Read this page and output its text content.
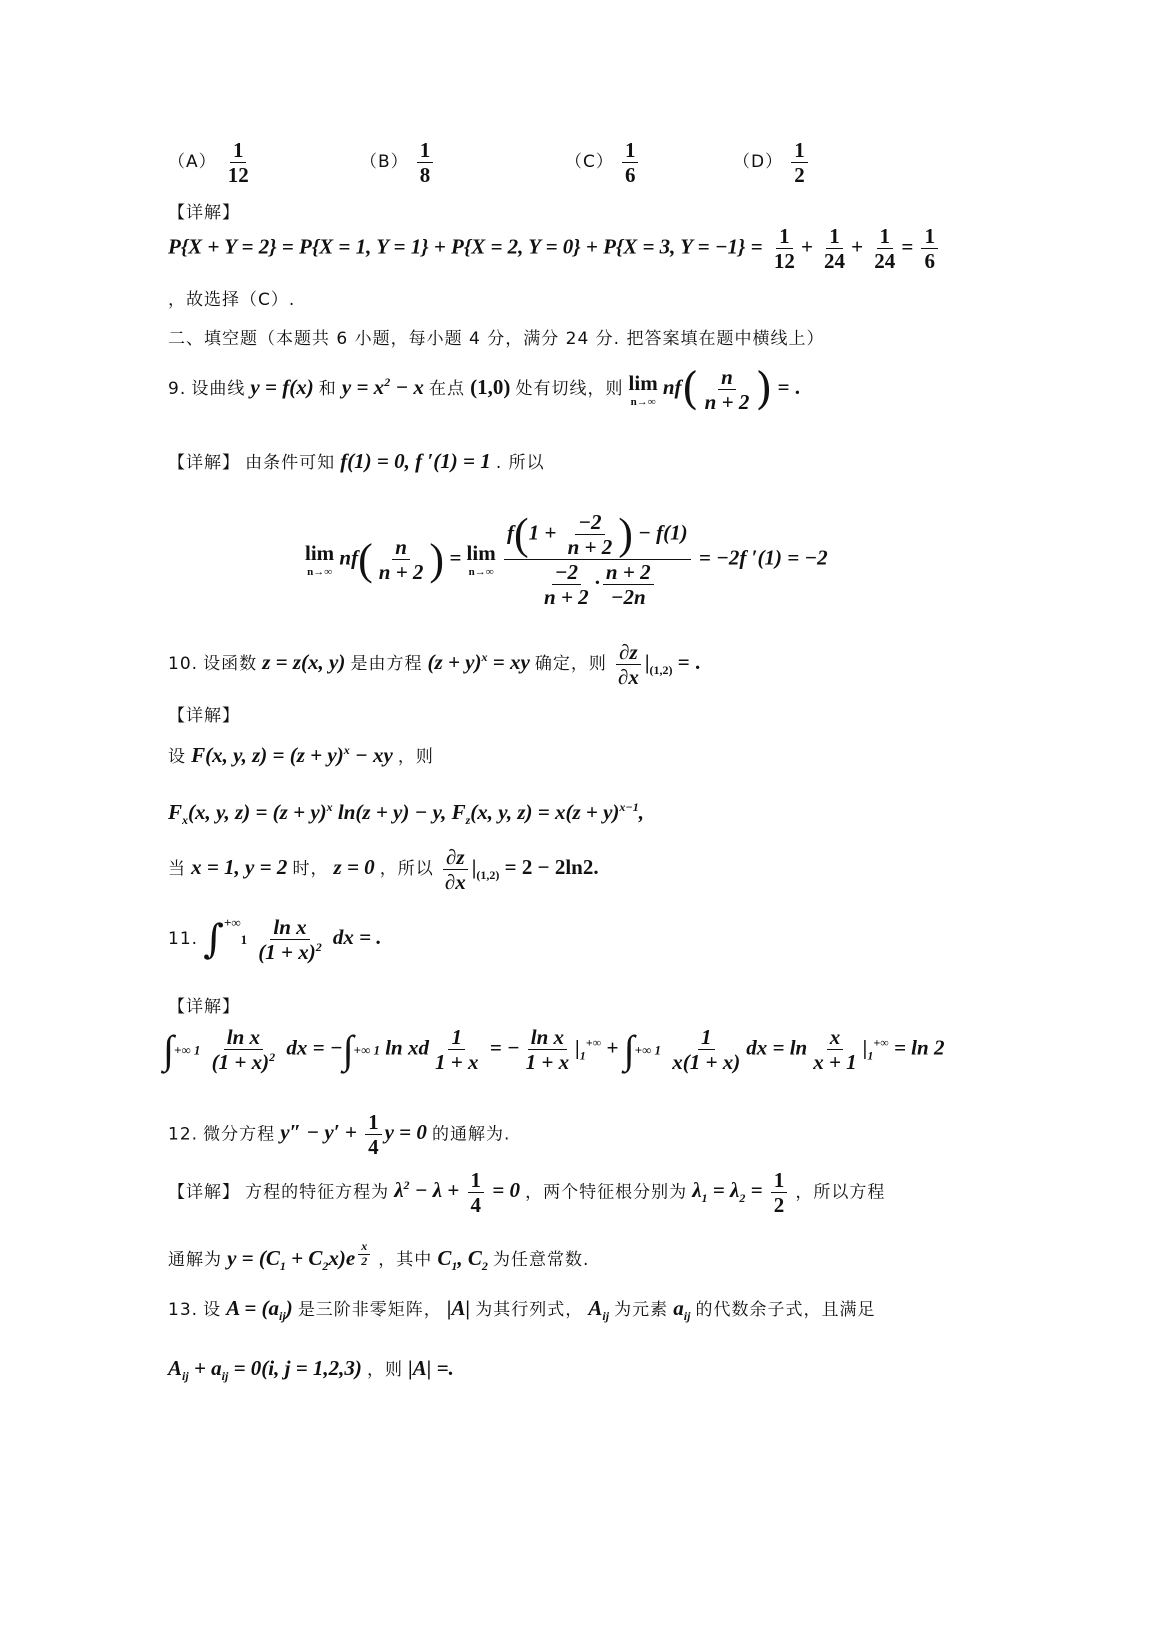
$(A) \frac{1}{12}$	$(B) \frac{1}{8}$	$(C) \frac{1}{6}$	$(D) \frac{1}{2}$
【详解】
P{X + Y = 2} = P{X = 1, Y = 1} + P{X = 2, Y = 0} + P{X = 3, $Y = -1\} = \frac{1}{12} + \frac{1}{24} + \frac{1}{24} = \frac{1}{6}$
，故选择（C）.
二、填空题（本题共 6 小题，每小题 4 分，满分 24 分. 把答案填在题中横线上）
9. 设曲线 y = f(x) 和 $y = x^2 - x$ 在点 (1,0) 处有切线，则 lim
n→∞
$nf( \frac{n}{n + 2}$ ) = .
【详解】 由条件可知 f(1) = 0, f ′(1) = 1 . 所以
lim
n→∞
$nf( \frac{n}{n + 2}$ ) = lim
n→∞
$\frac{f(1 + \frac{-2}{n + 2} ) - f(1)}{\frac{-2}{n + 2} \cdot \frac{n + 2}{-2n}} = -2f$ ′(1) = −2
10. 设函数 z = z(x, y) 是由方程 $(z + y)^x$ = xy 确定，则 $\frac{\partial z}{\partial x} |_{(1,2)}$ = .
【详解】
设 F(x, y, $z) = (z + y)^x$ − xy ，则
$F_x(x$, y, $z) = (z + y)^x$ ln(z + y) − y, $F_z(x$, y, $z) = x(z + y)^{x-1}$,
当 x = 1, y = 2 时， z = 0 ，所以 $\frac{\partial z}{\partial x} |_{(1,2)} = 2 - 2\ln 2$.
11. $\int^{+\infty}1 \frac{\text{ln x}}{(1 + x)^2}$ dx = .
【详解】
∫+∞ $1 \frac{\text{ln x}}{(1 + x)^2}$ dx = −∫+∞ 1 ln xd $\frac{1}{1 + x}$ = − $\frac{\text{ln x}}{1 + x} |_1^{+\infty}$ + ∫+∞ $1 \frac{1}{x(1 + x)}$ dx = $\ln \frac{x}{x + 1} |_1^{+\infty} = \ln 2$
12. 微分方程 $y'' - y' + \frac{1}{4}$ y = 0 的通解为.
【详解】 方程的特征方程为 $\lambda^2 - \lambda + \frac{1}{4} = 0$ ，两个特征根分别为 $\lambda_1 = \lambda_2 = \frac{1}{2}$ ，所以方程
通解为 $y = (C_1 + C_2x)e$ $^{\frac{x}{2}}$ ，其中 $C_1$, $C_2$ 为任意常数.
13. 设 $A = (a_{ij})$ 是三阶非零矩阵， |A| 为其行列式， $A_{ij}$ 为元素 $a_{ij}$ 的代数余子式，且满足
$A_{ij} + a_{ij} = 0(i$, j = 1,2,3) ，则 |A| =.
